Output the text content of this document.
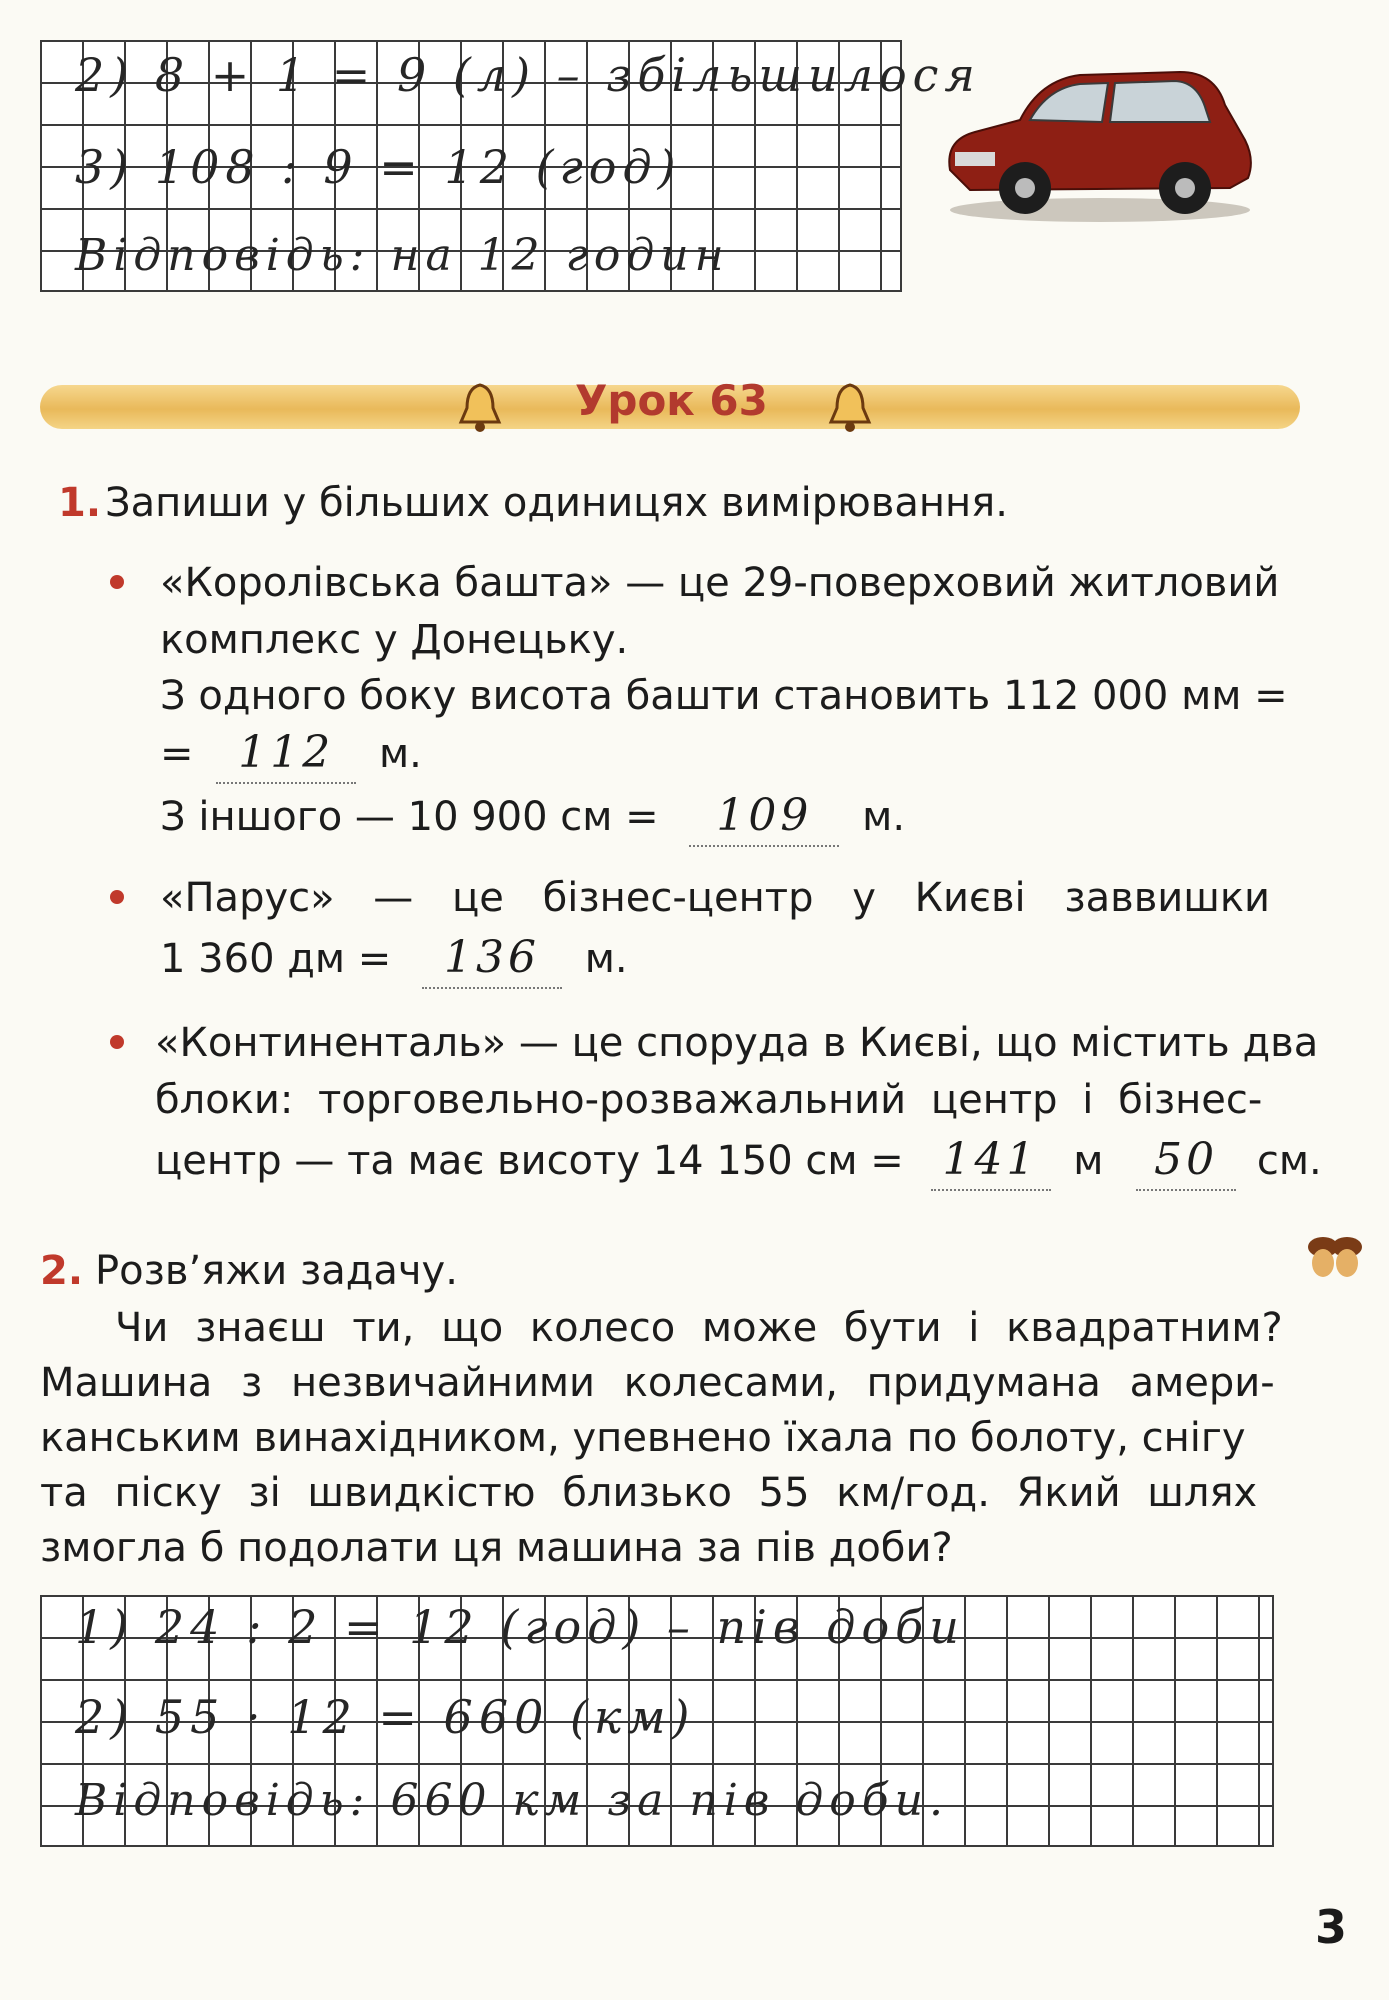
2) 8 + 1 = 9 (л) – збільшилося
3) 108 : 9 = 12 (год)
Відповідь: на 12 годин
Урок 63
1. Запиши у більших одиницях вимірювання.
«Королівська башта» — це 29-поверховий житловий
комплекс у Донецьку.
З одного боку висота башти становить 112 000 мм =
= 112 м.
З іншого — 10 900 см = 109 м.
«Парус» — це бізнес-центр у Києві заввишки
1 360 дм = 136 м.
«Континенталь» — це споруда в Києві, що містить два
блоки: торговельно-розважальний центр і бізнес-
центр — та має висоту 14 150 см = 141 м 50 см.
2. Розв’яжи задачу.
Чи знаєш ти, що колесо може бути і квадратним?
Машина з незвичайними колесами, придумана амери-
канським винахідником, упевнено їхала по болоту, снігу
та піску зі швидкістю близько 55 км/год. Який шлях
змогла б подолати ця машина за пів доби?
1) 24 : 2 = 12 (год) – пів доби
2) 55 · 12 = 660 (км)
Відповідь: 660 км за пів доби.
3
